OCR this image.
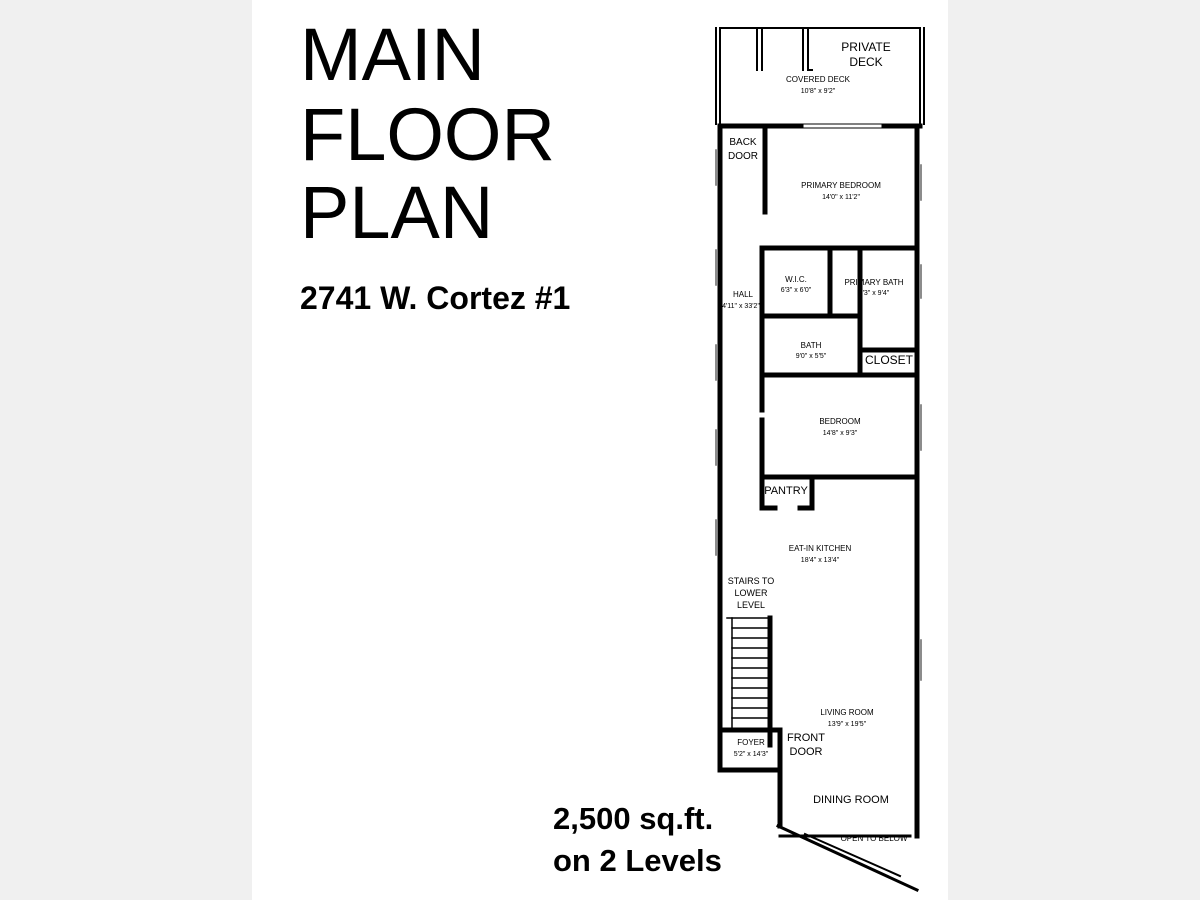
MAIN
FLOOR
PLAN
2741 W. Cortez #1
2,500 sq.ft.
on 2 Levels
PRIVATE
DECK
COVERED DECK
10'8" x 9'2"
BACK
DOOR
PRIMARY BEDROOM
14'0" x 11'2"
W.I.C.
6'3" x 6'0"
PRIMARY BATH
8'3" x 9'4"
HALL
4'11" x 33'2"
BATH
9'0" x 5'5"	CLOSET
BEDROOM
14'8" x 9'3"
PANTRY
EAT-IN KITCHEN
18'4" x 13'4"
STAIRS TO
LOWER
LEVEL
LIVING ROOM
13'9" x 19'5"
FOYER
5'2" x 14'3"
FRONT
DOOR
DINING ROOM
OPEN TO BELOW
